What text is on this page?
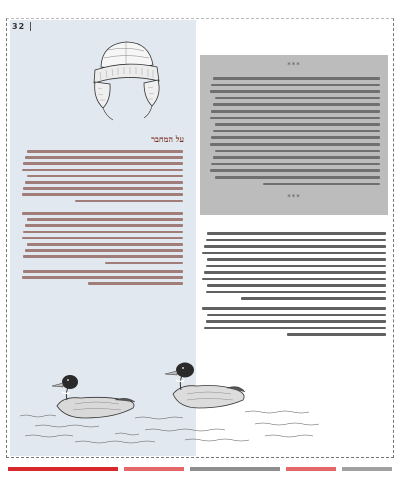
32
על המחבר
***
***
